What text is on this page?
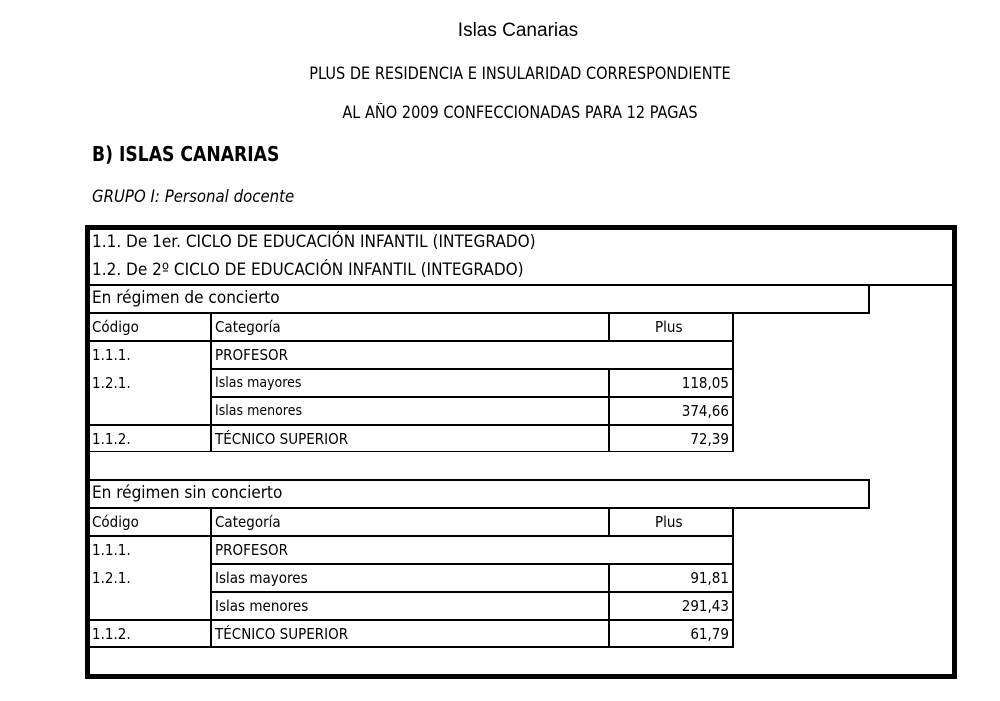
Islas Canarias
PLUS DE RESIDENCIA E INSULARIDAD CORRESPONDIENTE
AL AÑO 2009 CONFECCIONADAS PARA 12 PAGAS
B) ISLAS CANARIAS
GRUPO I: Personal docente
1.1. De 1er. CICLO DE EDUCACIÓN INFANTIL (INTEGRADO)
1.2. De 2º CICLO DE EDUCACIÓN INFANTIL (INTEGRADO)
En régimen de concierto
Código	Categoría	Plus
1.1.1.	PROFESOR
1.2.1.	Islas mayores	118,05
Islas menores	374,66
1.1.2.	TÉCNICO SUPERIOR	72,39
En régimen sin concierto
Código	Categoría	Plus
1.1.1.	PROFESOR
1.2.1.	Islas mayores	91,81
Islas menores	291,43
1.1.2.	TÉCNICO SUPERIOR	61,79
